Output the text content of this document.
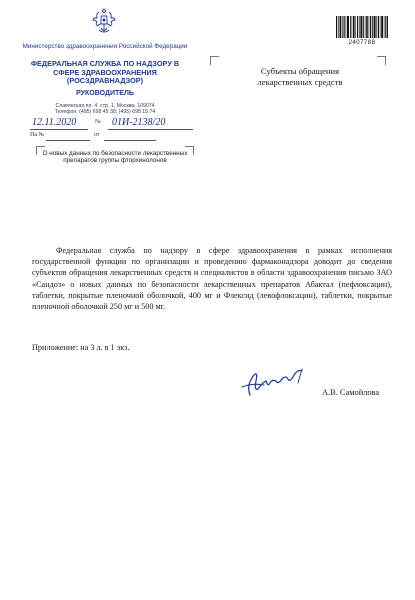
Министерство здравоохранения Российской Федерации
ФЕДЕРАЛЬНАЯ СЛУЖБА ПО НАДЗОРУ В СФЕРЕ ЗДРАВООХРАНЕНИЯ (РОСЗДРАВНАДЗОР)
РУКОВОДИТЕЛЬ
Славянская пл. 4, стр. 1, Москва, 109074
Телефон: (495) 698 45 38; (495) 698 15 74
12.11.2020	№ 01И-2138/20
На №	от
О новых данных по безопасности лекарственных препаратов группы фторхинолонов
2407788
Субъекты обращения лекарственных средств
Федеральная служба по надзору в сфере здравоохранения в рамках исполнения государственной функции по организации и проведению фармаконадзора доводит до сведения субъектов обращения лекарственных средств и специалистов в области здравоохранения письмо ЗАО «Сандоз» о новых данных по безопасности лекарственных препаратов Абактал (пефлоксацин), таблетки, покрытые пленочной оболочкой, 400 мг и Флексид (левофлоксацин), таблетки, покрытые пленочной оболочкой 250 мг и 500 мг.
Приложение: на 3 л. в 1 экз.
А.В. Самойлова
